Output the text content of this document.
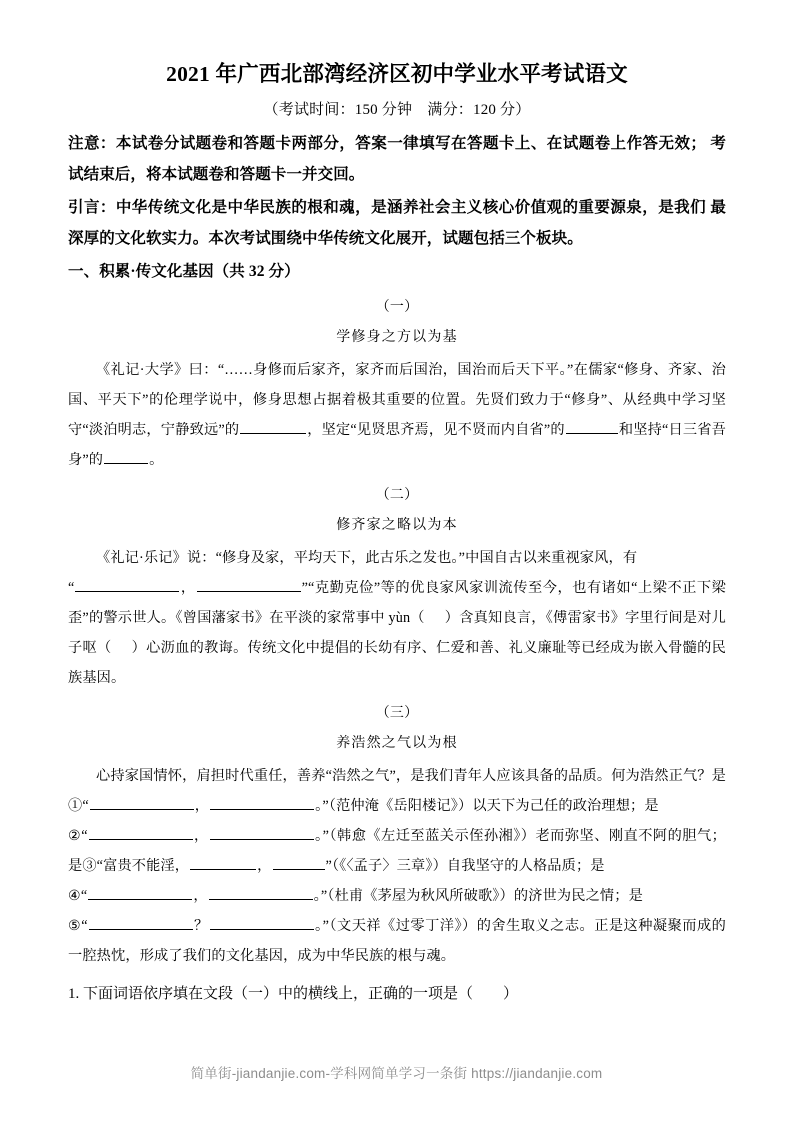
2021 年广西北部湾经济区初中学业水平考试语文
（考试时间：150 分钟　满分：120 分）

注意：本试卷分试题卷和答题卡两部分，答案一律填写在答题卡上、在试题卷上作答无效； 考试结束后，将本试题卷和答题卡一并交回。

引言：中华传统文化是中华民族的根和魂，是涵养社会主义核心价值观的重要源泉，是我们 最深厚的文化软实力。本次考试围绕中华传统文化展开，试题包括三个板块。

一、积累·传文化基因（共 32 分）
（一）
学修身之方以为基

《礼记·大学》曰：“……身修而后家齐，家齐而后国治，国治而后天下平。”在儒家“修身、齐家、治国、平天下”的伦理学说中，修身思想占据着极其重要的位置。先贤们致力于“修身”、从经典中学习坚守“淡泊明志，宁静致远”的	，坚定“见贤思齐焉，见不贤而内自省”的	和坚持“日三省吾身”的	。

（二）
修齐家之略以为本

《礼记·乐记》说：“修身及家，平均天下，此古乐之发也。”中国自古以来重视家风，有

“	，	”“克勤克俭”等的优良家风家训流传至今，也有诸如“上梁不正下梁歪”的警示世人。《曾国藩家书》在平淡的家常事中 yùn（ ）含真知良言，《傅雷家书》字里行间是对儿子呕（ ）心沥血的教诲。传统文化中提倡的长幼有序、仁爱和善、礼义廉耻等已经成为嵌入骨髓的民族基因。

（三）
养浩然之气以为根

心持家国情怀，肩担时代重任，善养“浩然之气”，是我们青年人应该具备的品质。何为浩然正气？是①“	，	。”（范仲淹《岳阳楼记》）以天下为己任的政治理想；是

②“	，	。”（韩愈《左迁至蓝关示侄孙湘》）老而弥坚、刚直不阿的胆气；是③“富贵不能淫，	，	”（《〈孟子〉三章》）自我坚守的人格品质；是

④“	，	。”（杜甫《茅屋为秋风所破歌》）的济世为民之情；是

⑤“	？	。”（文天祥《过零丁洋》）的舍生取义之志。正是这种凝聚而成的一腔热忱，形成了我们的文化基因，成为中华民族的根与魂。

1. 下面词语依序填在文段（一）中的横线上，正确的一项是（　　）

简单街-jiandanjie.com-学科网简单学习一条街 https://jiandanjie.com
